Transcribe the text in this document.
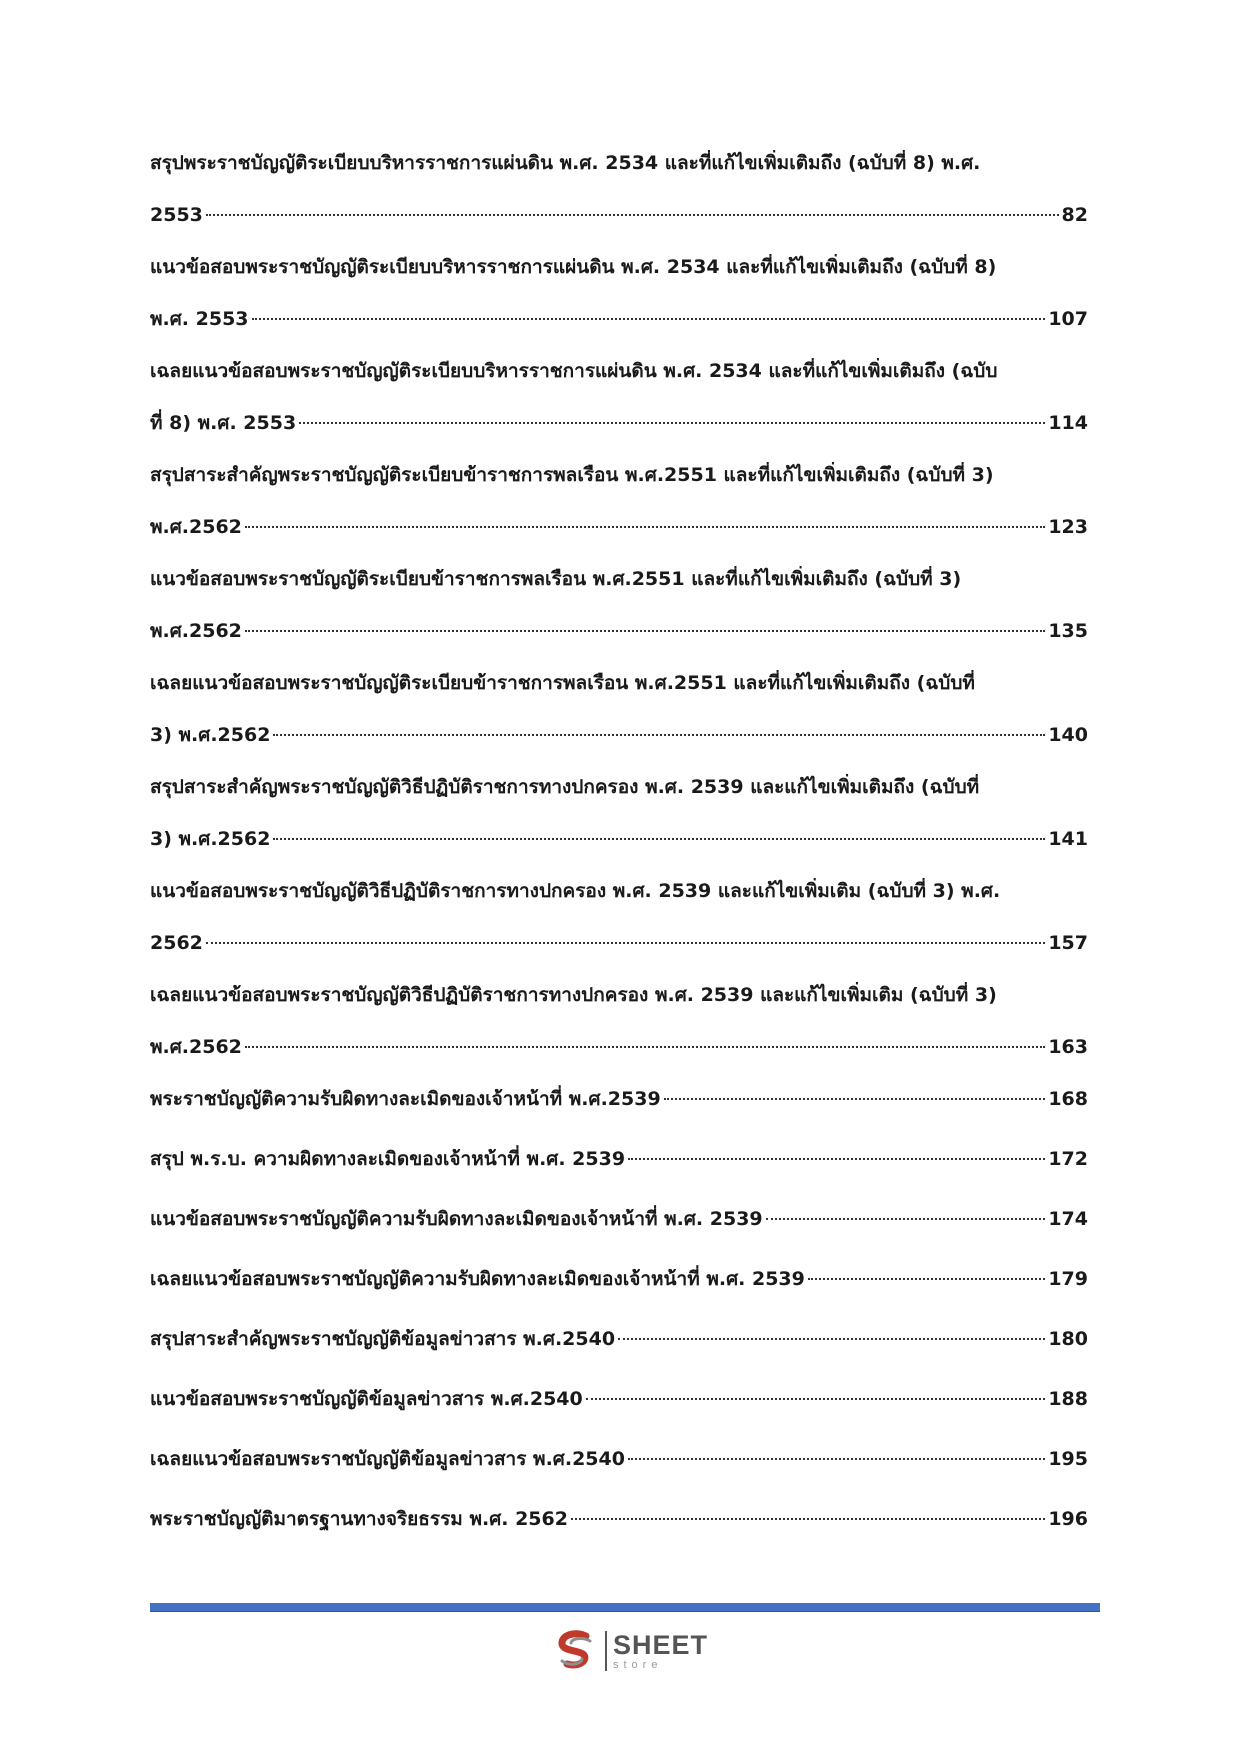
สรุปพระราชบัญญัติระเบียบบริหารราชการแผ่นดิน พ.ศ. 2534 และที่แก้ไขเพิ่มเติมถึง (ฉบับที่ 8) พ.ศ.
2553	82
แนวข้อสอบพระราชบัญญัติระเบียบบริหารราชการแผ่นดิน พ.ศ. 2534 และที่แก้ไขเพิ่มเติมถึง (ฉบับที่ 8)
พ.ศ. 2553	107
เฉลยแนวข้อสอบพระราชบัญญัติระเบียบบริหารราชการแผ่นดิน พ.ศ. 2534 และที่แก้ไขเพิ่มเติมถึง (ฉบับ
ที่ 8) พ.ศ. 2553	114
สรุปสาระสำคัญพระราชบัญญัติระเบียบข้าราชการพลเรือน พ.ศ.2551 และที่แก้ไขเพิ่มเติมถึง (ฉบับที่ 3)
พ.ศ.2562	123
แนวข้อสอบพระราชบัญญัติระเบียบข้าราชการพลเรือน พ.ศ.2551 และที่แก้ไขเพิ่มเติมถึง (ฉบับที่ 3)
พ.ศ.2562	135
เฉลยแนวข้อสอบพระราชบัญญัติระเบียบข้าราชการพลเรือน พ.ศ.2551 และที่แก้ไขเพิ่มเติมถึง (ฉบับที่
3) พ.ศ.2562	140
สรุปสาระสำคัญพระราชบัญญัติวิธีปฏิบัติราชการทางปกครอง พ.ศ. 2539 และแก้ไขเพิ่มเติมถึง (ฉบับที่
3) พ.ศ.2562	141
แนวข้อสอบพระราชบัญญัติวิธีปฏิบัติราชการทางปกครอง พ.ศ. 2539 และแก้ไขเพิ่มเติม (ฉบับที่ 3) พ.ศ.
2562	157
เฉลยแนวข้อสอบพระราชบัญญัติวิธีปฏิบัติราชการทางปกครอง พ.ศ. 2539 และแก้ไขเพิ่มเติม (ฉบับที่ 3)
พ.ศ.2562	163
พระราชบัญญัติความรับผิดทางละเมิดของเจ้าหน้าที่ พ.ศ.2539	168
สรุป พ.ร.บ. ความผิดทางละเมิดของเจ้าหน้าที่ พ.ศ. 2539	172
แนวข้อสอบพระราชบัญญัติความรับผิดทางละเมิดของเจ้าหน้าที่ พ.ศ. 2539	174
เฉลยแนวข้อสอบพระราชบัญญัติความรับผิดทางละเมิดของเจ้าหน้าที่ พ.ศ. 2539	179
สรุปสาระสำคัญพระราชบัญญัติข้อมูลข่าวสาร พ.ศ.2540	180
แนวข้อสอบพระราชบัญญัติข้อมูลข่าวสาร พ.ศ.2540	188
เฉลยแนวข้อสอบพระราชบัญญัติข้อมูลข่าวสาร พ.ศ.2540	195
พระราชบัญญัติมาตรฐานทางจริยธรรม พ.ศ. 2562	196
SHEET
store
